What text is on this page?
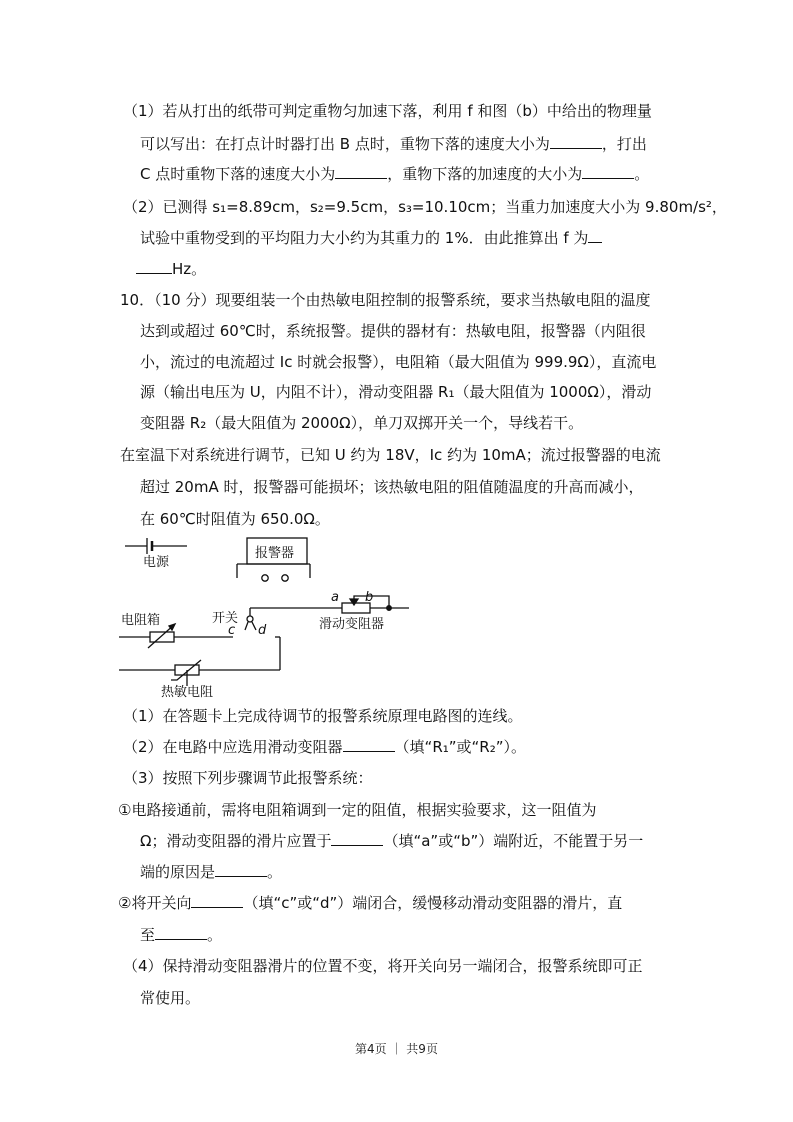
（1）若从打出的纸带可判定重物匀加速下落，利用 f 和图（b）中给出的物理量
可以写出：在打点计时器打出 B 点时，重物下落的速度大小为	，打出
C 点时重物下落的速度大小为	，重物下落的加速度的大小为	。
（2）已测得 s₁=8.89cm，s₂=9.5cm，s₃=10.10cm；当重力加速度大小为 9.80m/s²，
试验中重物受到的平均阻力大小约为其重力的 1%．由此推算出 f 为
Hz。
10．（10 分）现要组装一个由热敏电阻控制的报警系统，要求当热敏电阻的温度
达到或超过 60℃时，系统报警。提供的器材有：热敏电阻，报警器（内阻很
小，流过的电流超过 Iᴄ 时就会报警），电阻箱（最大阻值为 999.9Ω），直流电
源（输出电压为 U，内阻不计），滑动变阻器 R₁（最大阻值为 1000Ω），滑动
变阻器 R₂（最大阻值为 2000Ω），单刀双掷开关一个，导线若干。
在室温下对系统进行调节，已知 U 约为 18V，Iᴄ 约为 10mA；流过报警器的电流
超过 20mA 时，报警器可能损坏；该热敏电阻的阻值随温度的升高而减小，
在 60℃时阻值为 650.0Ω。
电源
报警器
a b
滑动变阻器
开关
c d
电阻箱
热敏电阻
（1）在答题卡上完成待调节的报警系统原理电路图的连线。
（2）在电路中应选用滑动变阻器	（填“R₁”或“R₂”）。
（3）按照下列步骤调节此报警系统：
①电路接通前，需将电阻箱调到一定的阻值，根据实验要求，这一阻值为
Ω；滑动变阻器的滑片应置于	（填“a”或“b”）端附近，不能置于另一
端的原因是	。
②将开关向	（填“c”或“d”）端闭合，缓慢移动滑动变阻器的滑片，直
至	。
（4）保持滑动变阻器滑片的位置不变，将开关向另一端闭合，报警系统即可正
常使用。
第4页 ｜ 共9页
